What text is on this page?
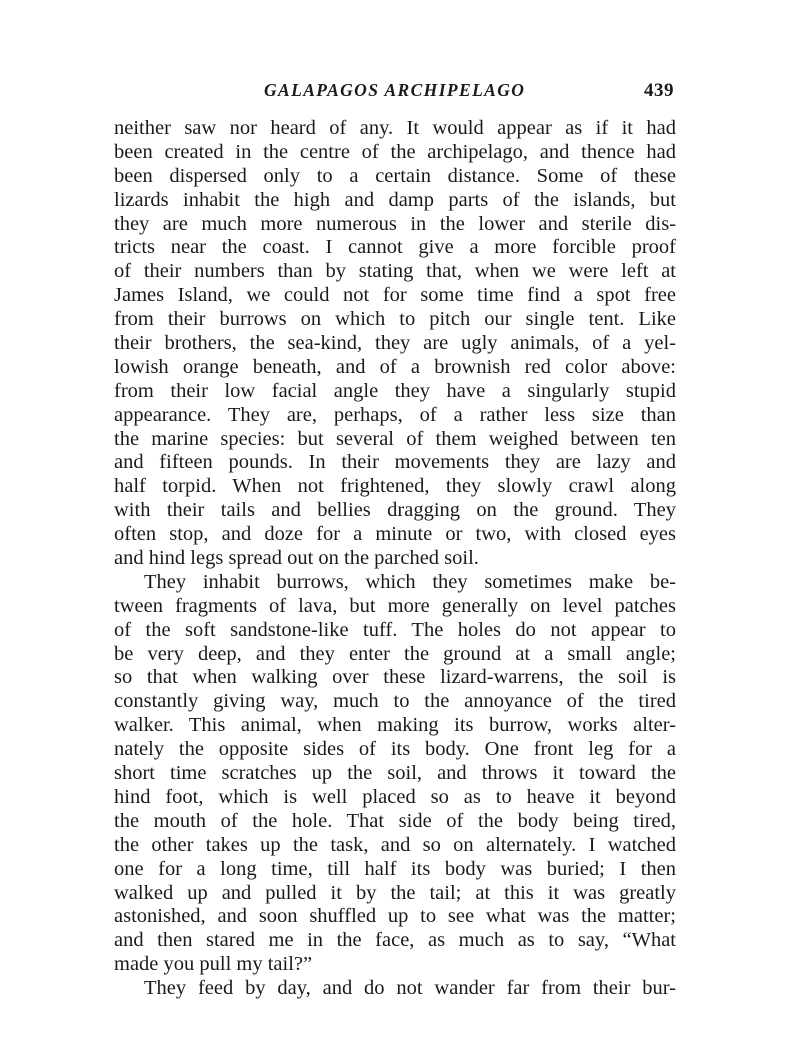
GALAPAGOS ARCHIPELAGO	439
neither saw nor heard of any. It would appear as if it had
been created in the centre of the archipelago, and thence had
been dispersed only to a certain distance. Some of these
lizards inhabit the high and damp parts of the islands, but
they are much more numerous in the lower and sterile dis-
tricts near the coast. I cannot give a more forcible proof
of their numbers than by stating that, when we were left at
James Island, we could not for some time find a spot free
from their burrows on which to pitch our single tent. Like
their brothers, the sea-kind, they are ugly animals, of a yel-
lowish orange beneath, and of a brownish red color above:
from their low facial angle they have a singularly stupid
appearance. They are, perhaps, of a rather less size than
the marine species: but several of them weighed between ten
and fifteen pounds. In their movements they are lazy and
half torpid. When not frightened, they slowly crawl along
with their tails and bellies dragging on the ground. They
often stop, and doze for a minute or two, with closed eyes
and hind legs spread out on the parched soil.
They inhabit burrows, which they sometimes make be-
tween fragments of lava, but more generally on level patches
of the soft sandstone-like tuff. The holes do not appear to
be very deep, and they enter the ground at a small angle;
so that when walking over these lizard-warrens, the soil is
constantly giving way, much to the annoyance of the tired
walker. This animal, when making its burrow, works alter-
nately the opposite sides of its body. One front leg for a
short time scratches up the soil, and throws it toward the
hind foot, which is well placed so as to heave it beyond
the mouth of the hole. That side of the body being tired,
the other takes up the task, and so on alternately. I watched
one for a long time, till half its body was buried; I then
walked up and pulled it by the tail; at this it was greatly
astonished, and soon shuffled up to see what was the matter;
and then stared me in the face, as much as to say, “What
made you pull my tail?”
They feed by day, and do not wander far from their bur-
